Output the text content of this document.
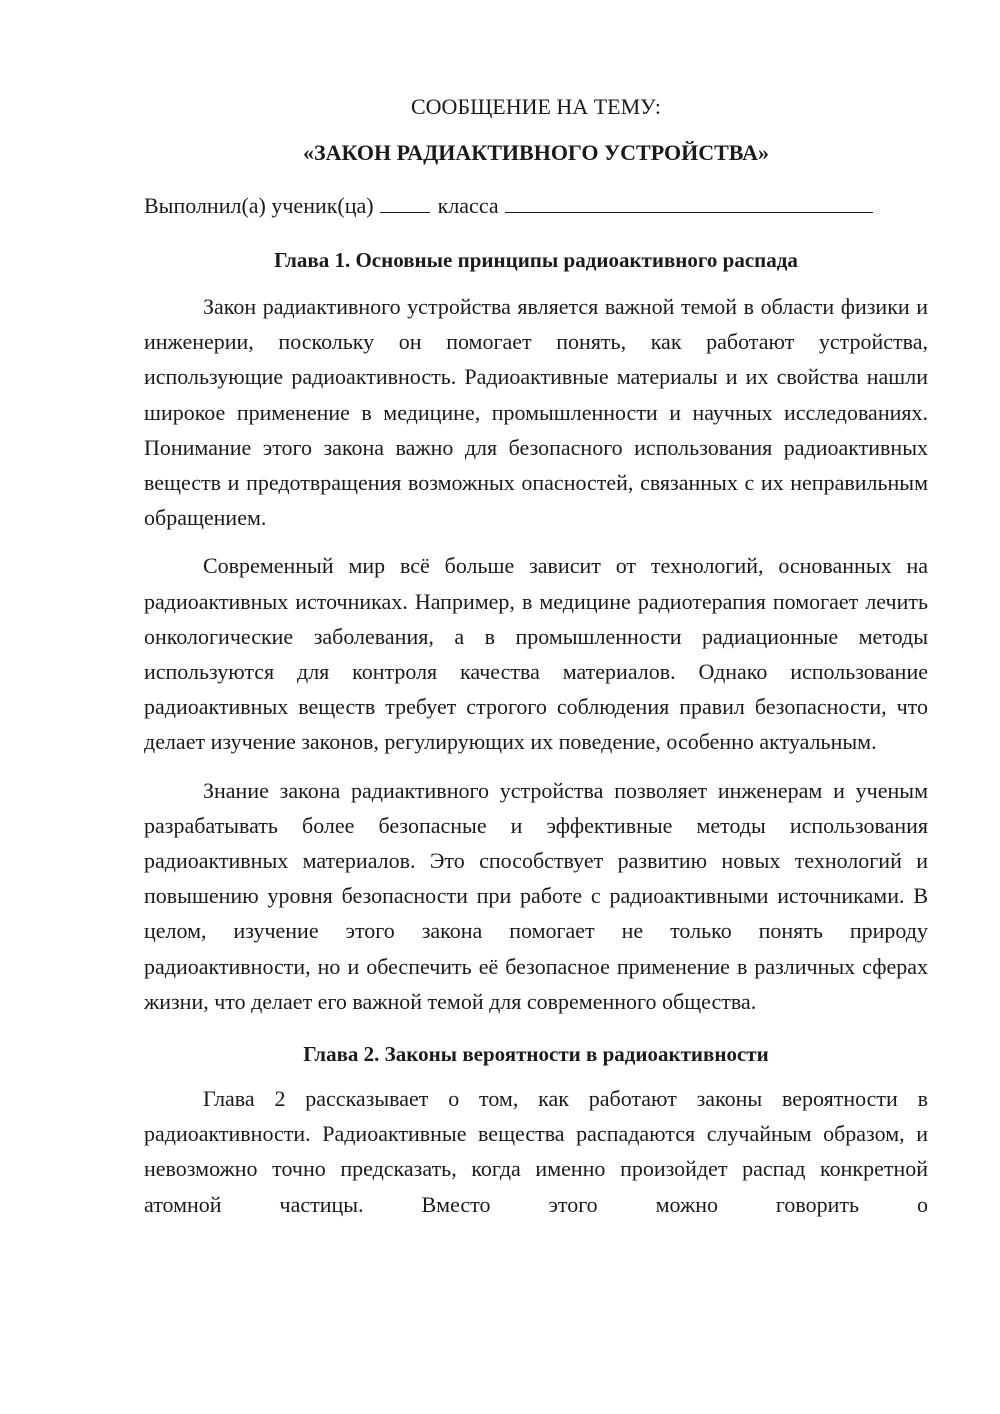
СООБЩЕНИЕ НА ТЕМУ:

«ЗАКОН РАДИАКТИВНОГО УСТРОЙСТВА»

Выполнил(а) ученик(ца)	класса

Глава 1. Основные принципы радиоактивного распада

Закон радиактивного устройства является важной темой в области физики и инженерии, поскольку он помогает понять, как работают устройства, использующие радиоактивность. Радиоактивные материалы и их свойства нашли широкое применение в медицине, промышленности и научных исследованиях. Понимание этого закона важно для безопасного использования радиоактивных веществ и предотвращения возможных опасностей, связанных с их неправильным обращением.

Современный мир всё больше зависит от технологий, основанных на радиоактивных источниках. Например, в медицине радиотерапия помогает лечить онкологические заболевания, а в промышленности радиационные методы используются для контроля качества материалов. Однако использование радиоактивных веществ требует строгого соблюдения правил безопасности, что делает изучение законов, регулирующих их поведение, особенно актуальным.

Знание закона радиактивного устройства позволяет инженерам и ученым разрабатывать более безопасные и эффективные методы использования радиоактивных материалов. Это способствует развитию новых технологий и повышению уровня безопасности при работе с радиоактивными источниками. В целом, изучение этого закона помогает не только понять природу радиоактивности, но и обеспечить её безопасное применение в различных сферах жизни, что делает его важной темой для современного общества.

Глава 2. Законы вероятности в радиоактивности

Глава 2 рассказывает о том, как работают законы вероятности в радиоактивности. Радиоактивные вещества распадаются случайным образом, и невозможно точно предсказать, когда именно произойдет распад конкретной атомной частицы. Вместо этого можно говорить о
